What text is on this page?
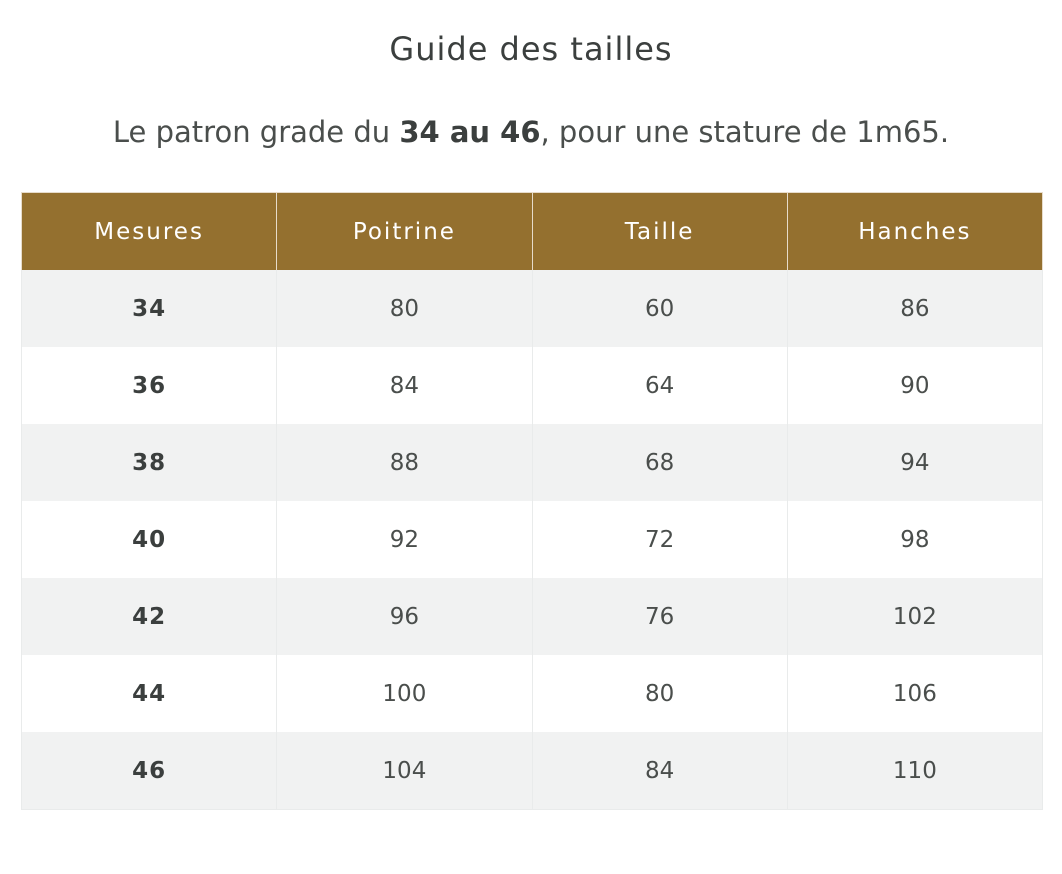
Guide des tailles
Le patron grade du 34 au 46, pour une stature de 1m65.
Mesures	Poitrine	Taille	Hanches
34	80	60	86
36	84	64	90
38	88	68	94
40	92	72	98
42	96	76	102
44	100	80	106
46	104	84	110
